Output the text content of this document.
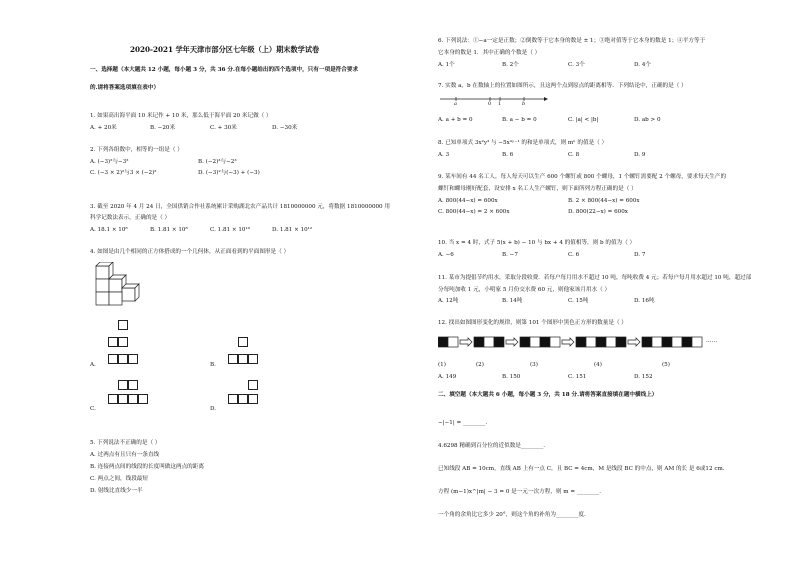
2020-2021 学年天津市部分区七年级（上）期末数学试卷
一、选择题（本大题共 12 小题，每小题 3 分，共 36 分.在每小题给出的四个选项中，只有一项是符合要求
的.请将答案选项填在表中）
1. 如果高出海平面 10 米记作 + 10 米，那么低于海平面 20 米记做（ ）
A. + 20米	B. −20米	C. + 30米	D. −30米
2. 下列各组数中，相等的一组是（ ）
A. (−3)²与−3²	B. (−2)³与−2³
C. (−3 × 2)²与3 × (−2)²	D. (−3)²与(−3) + (−3)
3. 截至 2020 年 4 月 24 日，全国供销合作社系统累计采购湖北农产品共计 1810000000 元，将数据 1810000000 用
科学记数法表示，正确的是（ ）
A. 18.1 × 10⁸	B. 1.81 × 10⁸	C. 1.81 × 10¹⁰	D. 1.81 × 10¹²
4. 如图是由几个相同的正方体搭成的一个几何体，从正面看到的平面图形是（ ）
A.	B.
C.	D.
5. 下列说法不正确的是（ ）
A. 过两点有且只有一条直线
B. 连接两点间的线段的长度叫做这两点的距离
C. 两点之间，线段最短
D. 射线比直线少一半
6. 下列说法：①−a一定是正数；②倒数等于它本身的数是 ± 1；③绝对值等于它本身的数是 1；④平方等于
它本身的数是 1．其中正确的个数是（ ）
A. 1个	B. 2个	C. 3个	D. 4个
7. 实数 a，b 在数轴上的位置如图所示，且这两个点到原点的距离相等．下列结论中，正确的是（ ）
a	0 1	b
A. a + b = 0	B. a − b = 0	C. |a| < |b|	D. ab > 0
8. 已知单项式 3x²y³ 与 −5x³ʸ⁻¹ 的和是单项式，则 mⁿ 的值是（ ）
A. 3	B. 6	C. 8	D. 9
9. 某车间有 44 名工人，每人每天可以生产 600 个螺钉或 800 个螺母，1 个螺钉需要配 2 个螺母，要求每天生产的
螺钉和螺母刚好配套，设安排 x 名工人生产螺钉，则下面所列方程正确的是（ ）
A. 800(44−x) = 600x	B. 2 × 800(44−x) = 600x
C. 800(44−x) = 2 × 600x	D. 800(22−x) = 600x
10. 当 x = 4 时，式子 5(x + b) − 10 与 bx + 4 的值相等，则 b 的值为（ ）
A. −6	B. −7	C. 6	D. 7
11. 某市为提倡节约用水，采取分段收费．若每户每月用水不超过 10 吨，每吨收费 4 元；若每户每月用水超过 10 吨，超过部
分每吨加收 1 元，小明家 5 月份交水费 60 元，则他家该月用水（ ）
A. 12吨	B. 14吨	C. 15吨	D. 16吨
12. 找出如图图形变化的规律，则第 101 个图形中黑色正方形的数量是（ ）
……
(1)	(2)	(3)	(4)	(5)
A. 149	B. 150	C. 151	D. 152
二、填空题（本大题共 6 小题，每小题 3 分，共 18 分.请将答案直接填在题中横线上）
−|−1| = ________.
4.6298 精确到百分位的近似数是________.
已知线段 AB = 10cm，直线 AB 上有一点 C，且 BC = 4cm，M 是线段 BC 的中点，则 AM 的长 是 6或12 cm.
方程 (m−1)x^|m| − 3 = 0 是一元一次方程，则 m = ________.
一个角的余角比它多少 20°，则这个角的补角为________度.
